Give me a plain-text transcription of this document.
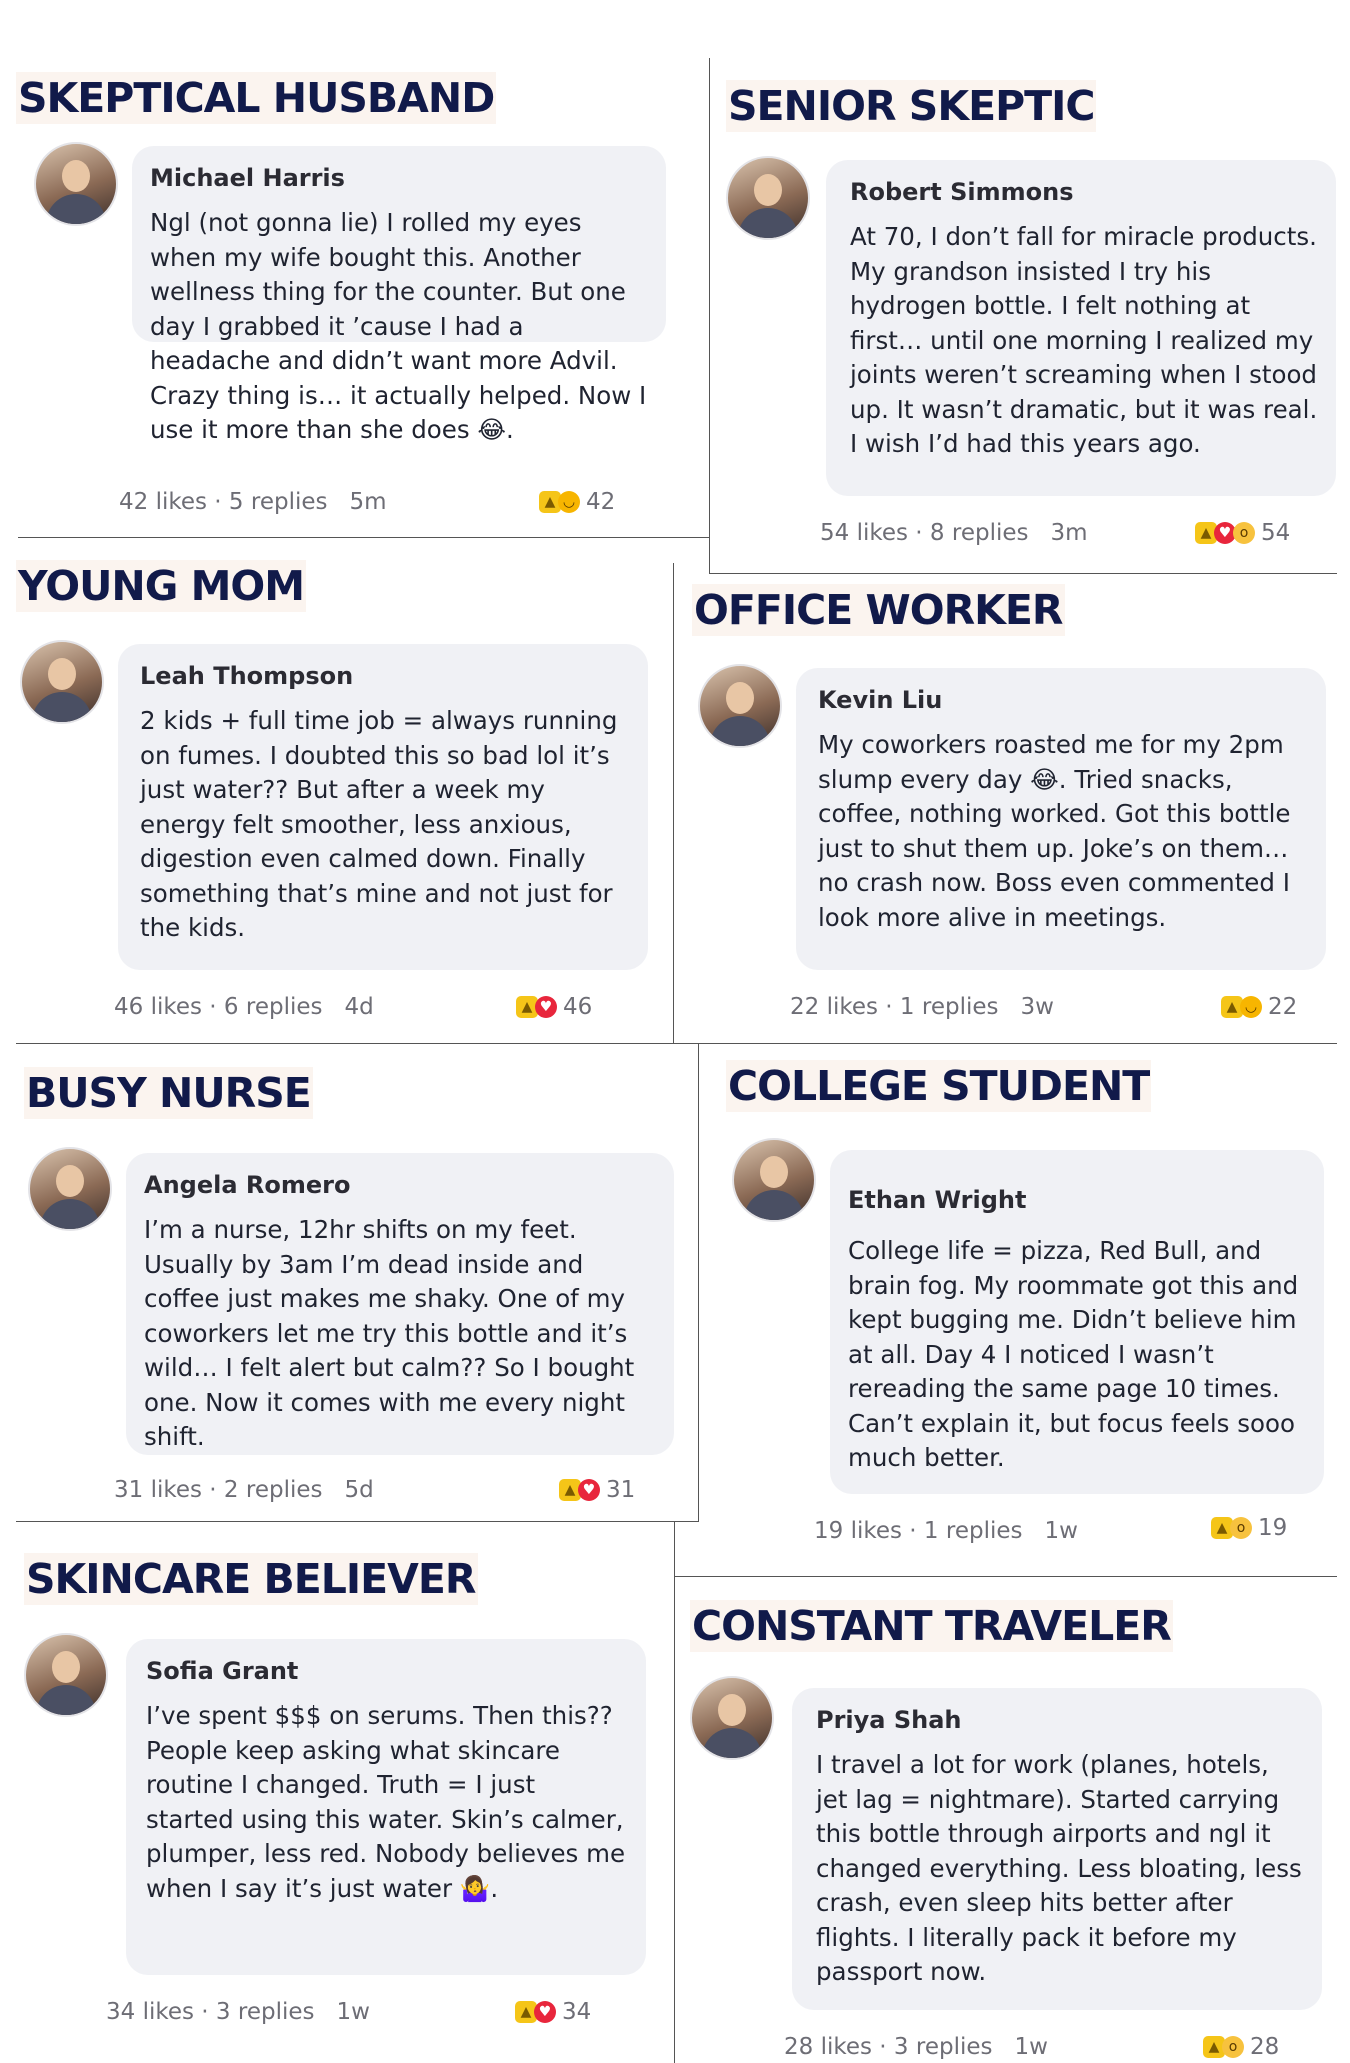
SKEPTICAL HUSBAND
Michael Harris
Ngl (not gonna lie) I rolled my eyes when my wife bought this. Another wellness thing for the counter. But one day I grabbed it ’cause I had a headache and didn’t want more Advil. Crazy thing is… it actually helped. Now I use it more than she does 😂.
42 likes · 5 replies 5m	▲ ◡ 42
SENIOR SKEPTIC
Robert Simmons
At 70, I don’t fall for miracle products. My grandson insisted I try his hydrogen bottle. I felt nothing at first… until one morning I realized my joints weren’t screaming when I stood up. It wasn’t dramatic, but it was real. I wish I’d had this years ago.
54 likes · 8 replies 3m	▲ ♥ o 54
YOUNG MOM
Leah Thompson
2 kids + full time job = always running on fumes. I doubted this so bad lol it’s just water?? But after a week my energy felt smoother, less anxious, digestion even calmed down. Finally something that’s mine and not just for the kids.
46 likes · 6 replies 4d	▲ ♥ 46
OFFICE WORKER
Kevin Liu
My coworkers roasted me for my 2pm slump every day 😂. Tried snacks, coffee, nothing worked. Got this bottle just to shut them up. Joke’s on them… no crash now. Boss even commented I look more alive in meetings.
22 likes · 1 replies 3w	▲ ◡ 22
BUSY NURSE
Angela Romero
I’m a nurse, 12hr shifts on my feet. Usually by 3am I’m dead inside and coffee just makes me shaky. One of my coworkers let me try this bottle and it’s wild… I felt alert but calm?? So I bought one. Now it comes with me every night shift.
31 likes · 2 replies 5d	▲ ♥ 31
COLLEGE STUDENT
Ethan Wright
College life = pizza, Red Bull, and brain fog. My roommate got this and kept bugging me. Didn’t believe him at all. Day 4 I noticed I wasn’t rereading the same page 10 times. Can’t explain it, but focus feels sooo much better.
19 likes · 1 replies 1w	▲ o 19
SKINCARE BELIEVER
Sofia Grant
I’ve spent $$$ on serums. Then this?? People keep asking what skincare routine I changed. Truth = I just started using this water. Skin’s calmer, plumper, less red. Nobody believes me when I say it’s just water 🤷‍♀️.
34 likes · 3 replies 1w	▲ ♥ 34
CONSTANT TRAVELER
Priya Shah
I travel a lot for work (planes, hotels, jet lag = nightmare). Started carrying this bottle through airports and ngl it changed everything. Less bloating, less crash, even sleep hits better after flights. I literally pack it before my passport now.
28 likes · 3 replies 1w	▲ o 28
